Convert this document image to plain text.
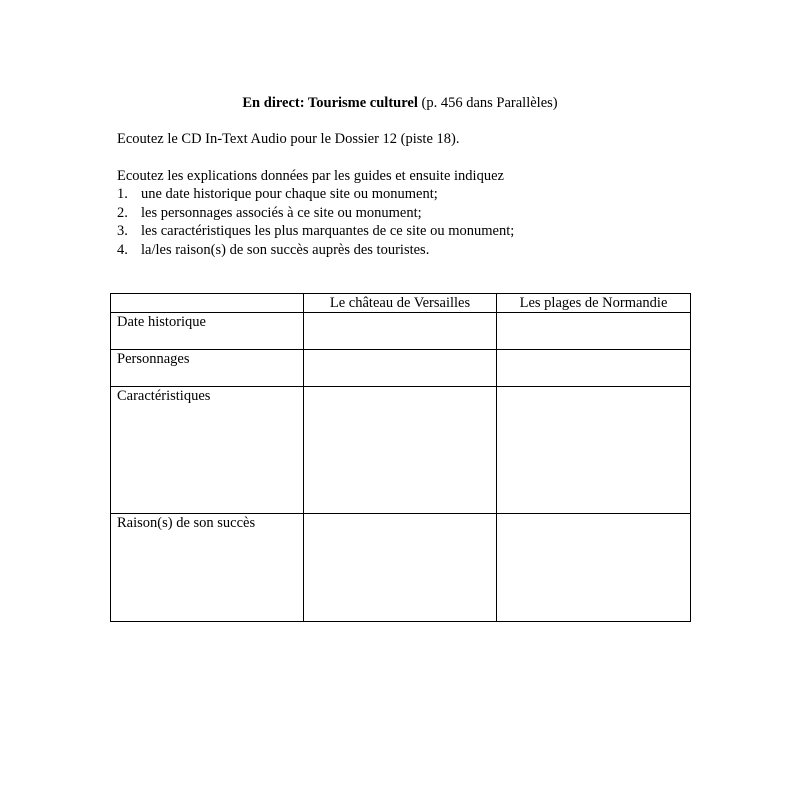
En direct: Tourisme culturel (p. 456 dans Parallèles)
Ecoutez le CD In-Text Audio pour le Dossier 12 (piste 18).
Ecoutez les explications données par les guides et ensuite indiquez
1. une date historique pour chaque site ou monument;
2. les personnages associés à ce site ou monument;
3. les caractéristiques les plus marquantes de ce site ou monument;
4. la/les raison(s) de son succès auprès des touristes.
	Le château de Versailles	Les plages de Normandie
Date historique		
Personnages		
Caractéristiques		
Raison(s) de son succès		
